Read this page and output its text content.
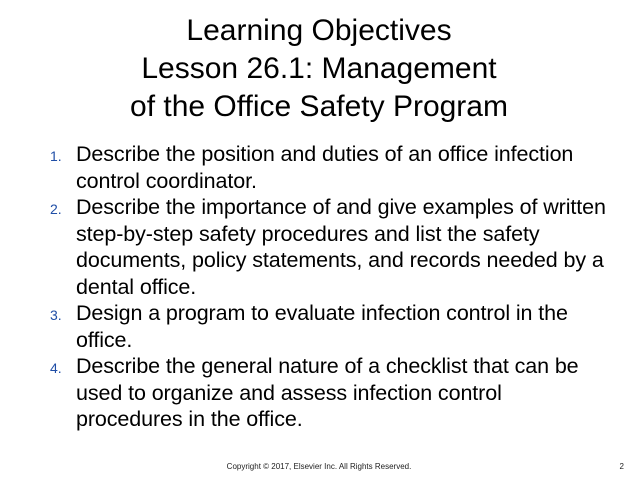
Learning Objectives
Lesson 26.1: Management
of the Office Safety Program
1. Describe the position and duties of an office infection control coordinator.
2. Describe the importance of and give examples of written step-by-step safety procedures and list the safety documents, policy statements, and records needed by a dental office.
3. Design a program to evaluate infection control in the office.
4. Describe the general nature of a checklist that can be used to organize and assess infection control procedures in the office.
Copyright © 2017, Elsevier Inc. All Rights Reserved.	2
